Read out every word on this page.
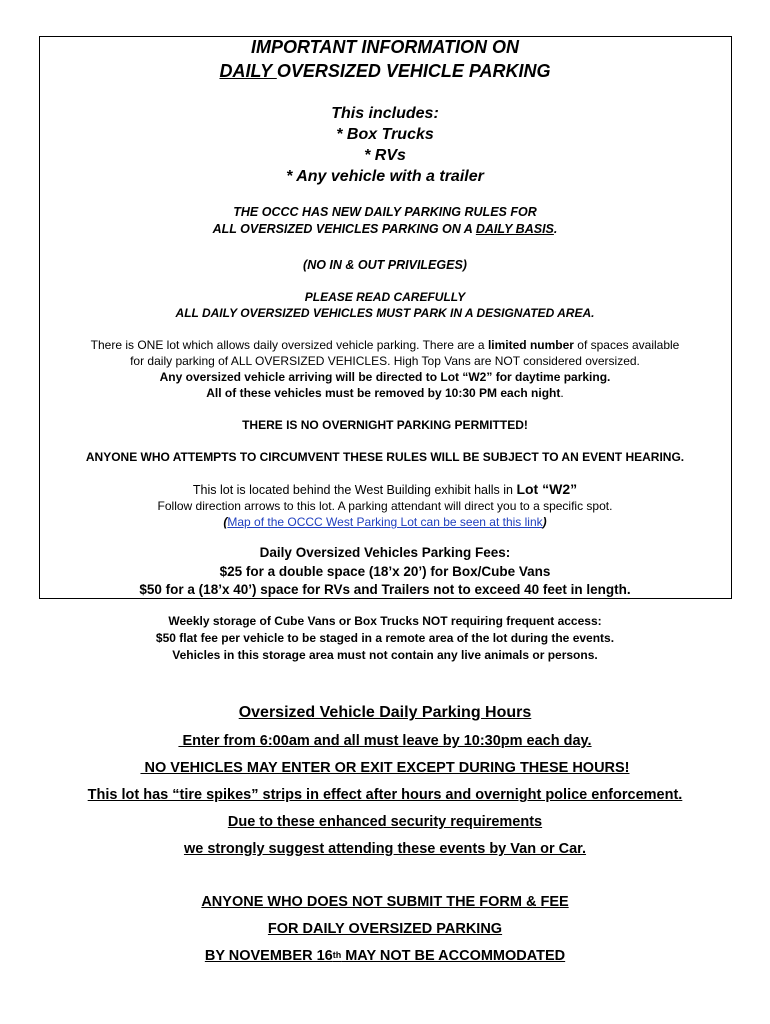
IMPORTANT INFORMATION ON
DAILY OVERSIZED VEHICLE PARKING
This includes:
* Box Trucks
* RVs
* Any vehicle with a trailer
THE OCCC HAS NEW DAILY PARKING RULES FOR
ALL OVERSIZED VEHICLES PARKING ON A DAILY BASIS.
(NO IN & OUT PRIVILEGES)
PLEASE READ CAREFULLY
ALL DAILY OVERSIZED VEHICLES MUST PARK IN A DESIGNATED AREA.
There is ONE lot which allows daily oversized vehicle parking. There are a limited number of spaces available
for daily parking of ALL OVERSIZED VEHICLES. High Top Vans are NOT considered oversized.
Any oversized vehicle arriving will be directed to Lot “W2” for daytime parking.
All of these vehicles must be removed by 10:30 PM each night.
THERE IS NO OVERNIGHT PARKING PERMITTED!
ANYONE WHO ATTEMPTS TO CIRCUMVENT THESE RULES WILL BE SUBJECT TO AN EVENT HEARING.
This lot is located behind the West Building exhibit halls in Lot “W2”
Follow direction arrows to this lot. A parking attendant will direct you to a specific spot.
(Map of the OCCC West Parking Lot can be seen at this link)
Daily Oversized Vehicles Parking Fees:
$25 for a double space (18’x 20’) for Box/Cube Vans
$50 for a (18’x 40’) space for RVs and Trailers not to exceed 40 feet in length.
Weekly storage of Cube Vans or Box Trucks NOT requiring frequent access:
$50 flat fee per vehicle to be staged in a remote area of the lot during the events.
Vehicles in this storage area must not contain any live animals or persons.
Oversized Vehicle Daily Parking Hours
Enter from 6:00am and all must leave by 10:30pm each day.
NO VEHICLES MAY ENTER OR EXIT EXCEPT DURING THESE HOURS!
This lot has “tire spikes” strips in effect after hours and overnight police enforcement.
Due to these enhanced security requirements
we strongly suggest attending these events by Van or Car.
ANYONE WHO DOES NOT SUBMIT THE FORM & FEE
FOR DAILY OVERSIZED PARKING
BY NOVEMBER 16th MAY NOT BE ACCOMMODATED
